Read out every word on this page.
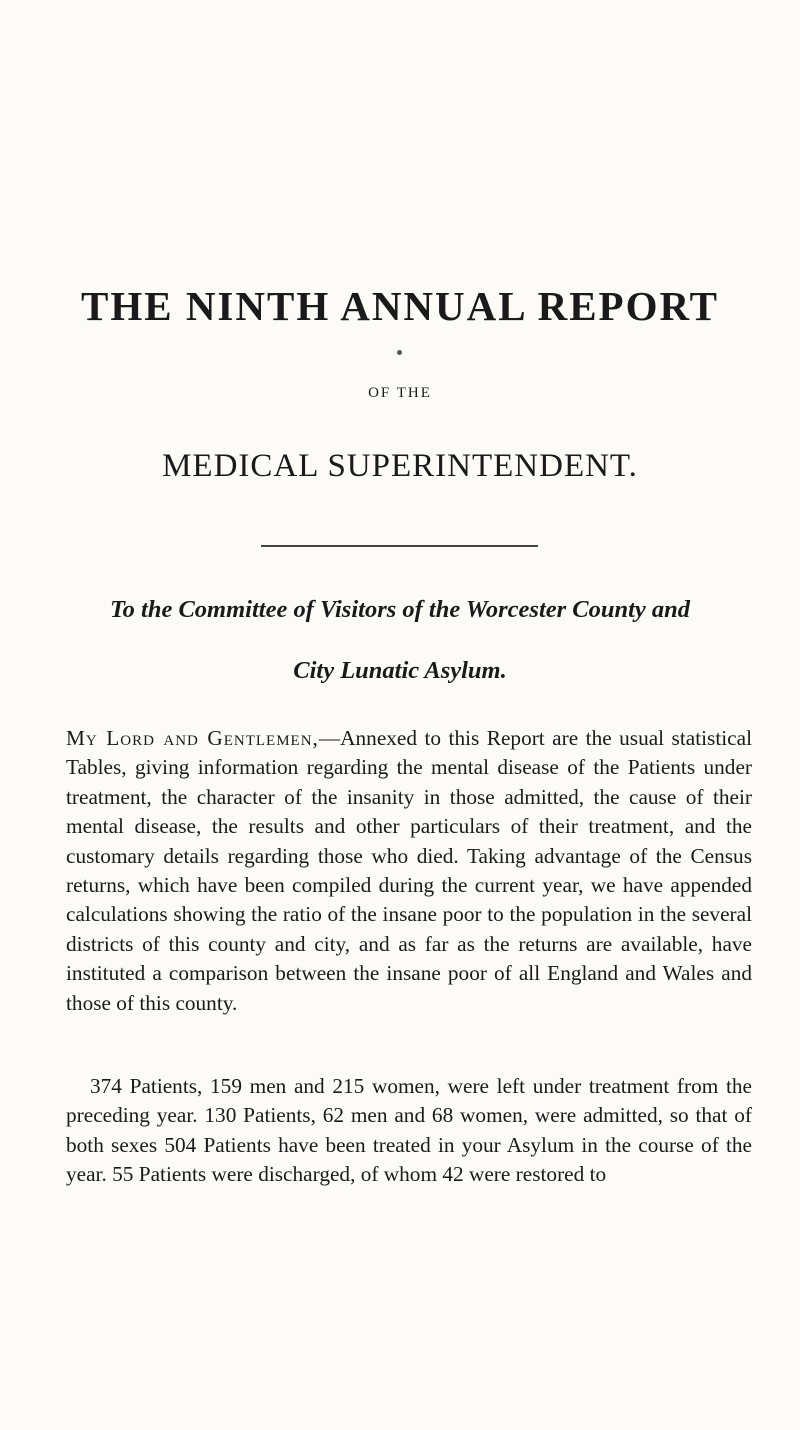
THE NINTH ANNUAL REPORT
OF THE
MEDICAL SUPERINTENDENT.

To the Committee of Visitors of the Worcester County and

City Lunatic Asylum.

My Lord and Gentlemen,—Annexed to this Report are the usual statistical Tables, giving information regarding the mental disease of the Patients under treatment, the character of the insanity in those admitted, the cause of their mental disease, the results and other particulars of their treatment, and the customary details regarding those who died. Taking advantage of the Census returns, which have been compiled during the current year, we have appended calculations showing the ratio of the insane poor to the population in the several districts of this county and city, and as far as the returns are available, have instituted a comparison between the insane poor of all England and Wales and those of this county.

374 Patients, 159 men and 215 women, were left under treatment from the preceding year. 130 Patients, 62 men and 68 women, were admitted, so that of both sexes 504 Patients have been treated in your Asylum in the course of the year. 55 Patients were discharged, of whom 42 were restored to
